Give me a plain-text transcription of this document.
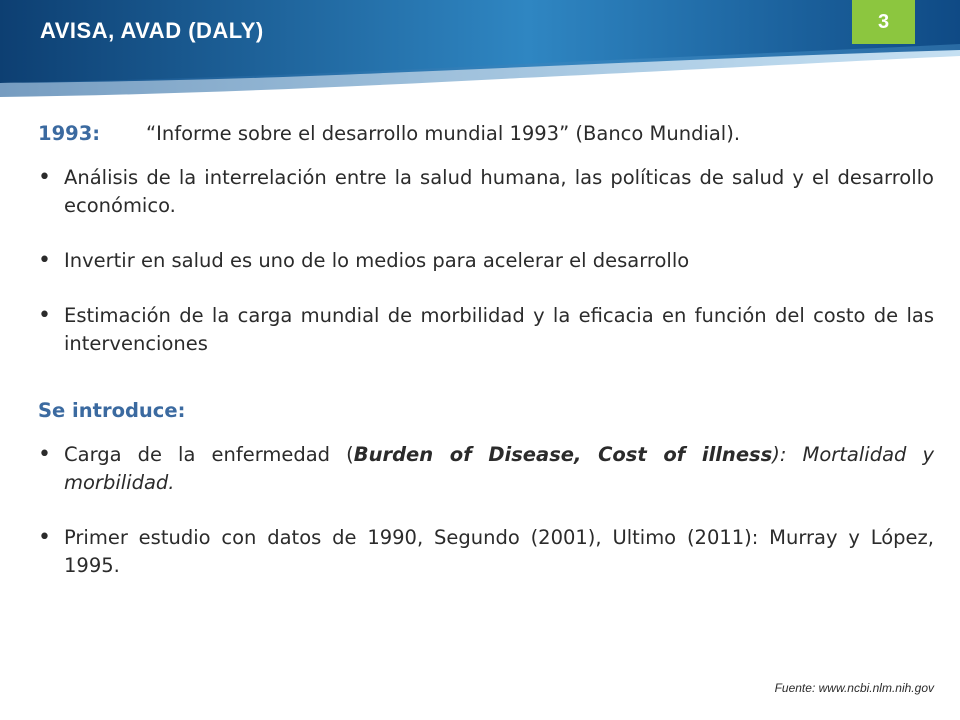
AVISA, AVAD (DALY)	3
1993: “Informe sobre el desarrollo mundial 1993” (Banco Mundial).
• Análisis de la interrelación entre la salud humana, las políticas de salud y el desarrollo económico.
• Invertir en salud es uno de lo medios para acelerar el desarrollo
• Estimación de la carga mundial de morbilidad y la eficacia en función del costo de las intervenciones
Se introduce:
• Carga de la enfermedad (Burden of Disease, Cost of illness): Mortalidad y morbilidad.
• Primer estudio con datos de 1990, Segundo (2001), Ultimo (2011): Murray y López, 1995.
Fuente: www.ncbi.nlm.nih.gov
